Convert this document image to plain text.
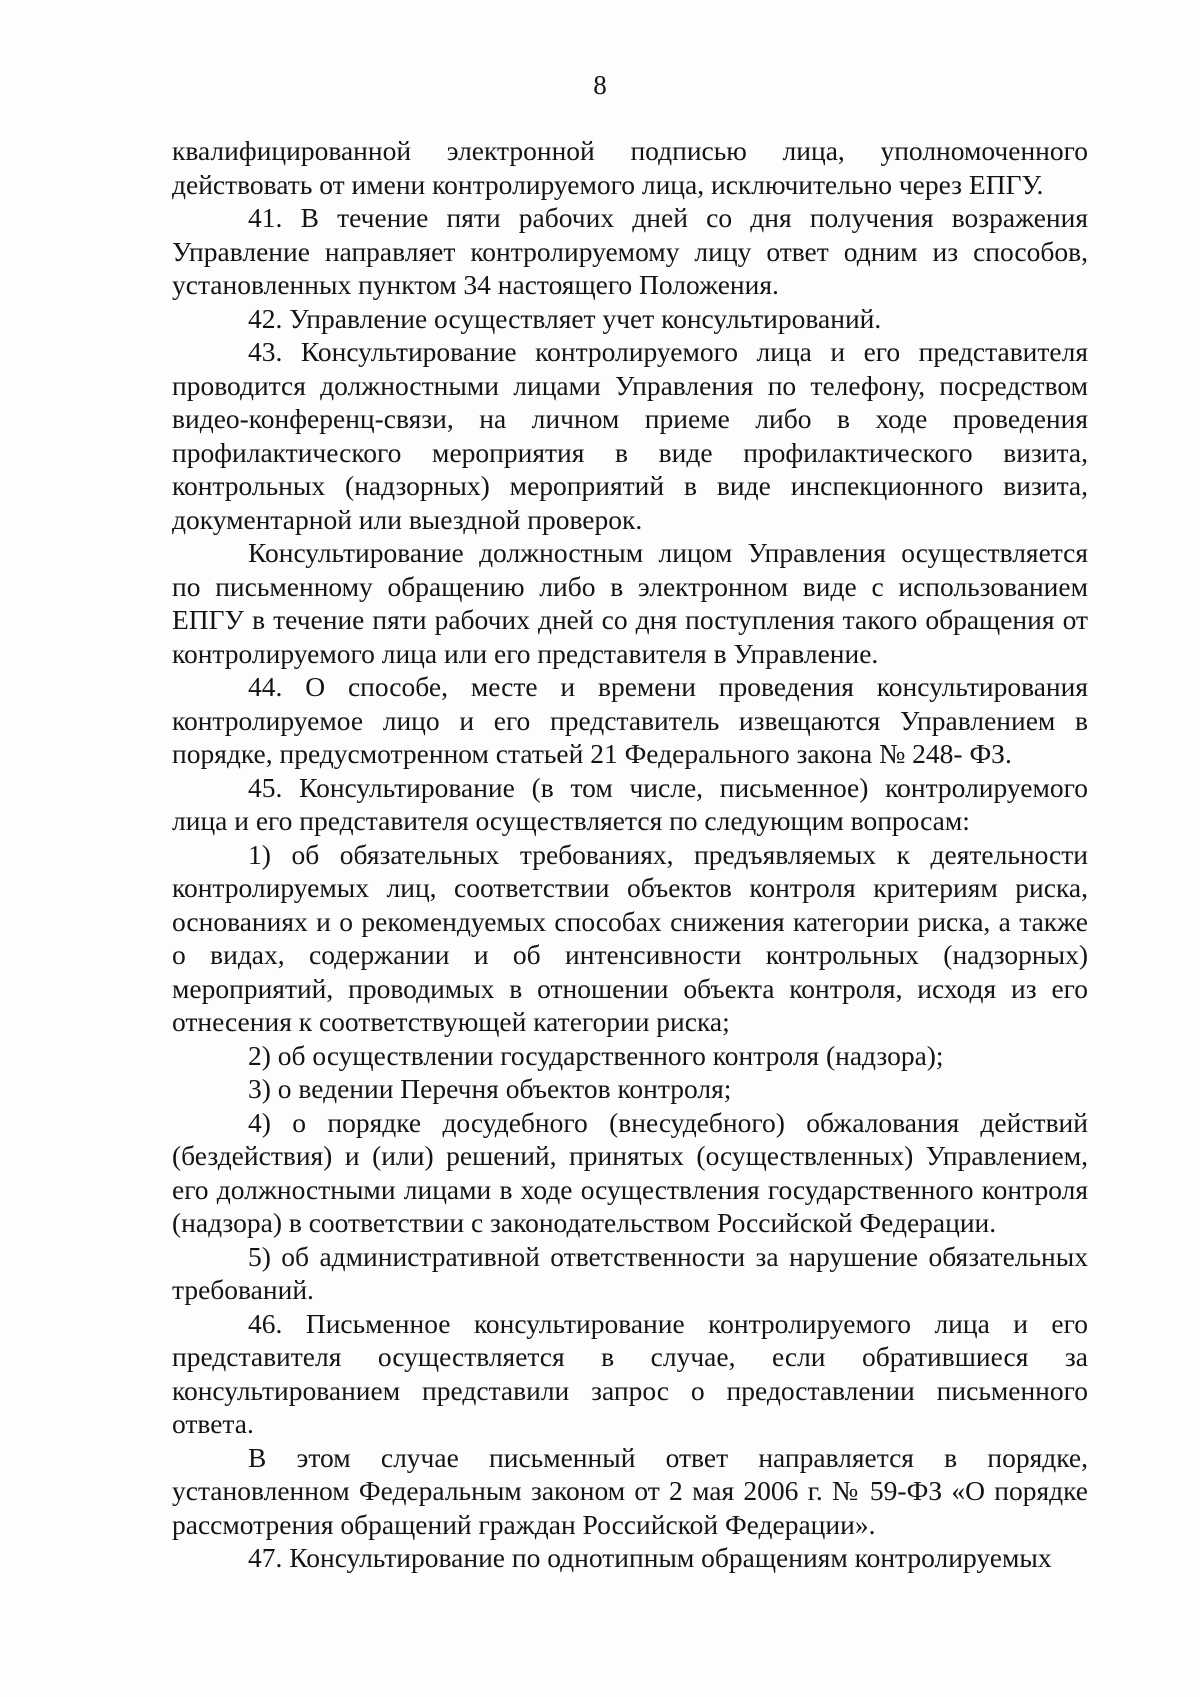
8

квалифицированной электронной подписью лица, уполномоченного действовать от имени контролируемого лица, исключительно через ЕПГУ.

41. В течение пяти рабочих дней со дня получения возражения Управление направляет контролируемому лицу ответ одним из способов, установленных пунктом 34 настоящего Положения.

42. Управление осуществляет учет консультирований.

43. Консультирование контролируемого лица и его представителя проводится должностными лицами Управления по телефону, посредством видео-конференц-связи, на личном приеме либо в ходе проведения профилактического мероприятия в виде профилактического визита, контрольных (надзорных) мероприятий в виде инспекционного визита, документарной или выездной проверок.

Консультирование должностным лицом Управления осуществляется по письменному обращению либо в электронном виде с использованием ЕПГУ в течение пяти рабочих дней со дня поступления такого обращения от контролируемого лица или его представителя в Управление.

44. О способе, месте и времени проведения консультирования контролируемое лицо и его представитель извещаются Управлением в порядке, предусмотренном статьей 21 Федерального закона № 248- ФЗ.

45. Консультирование (в том числе, письменное) контролируемого лица и его представителя осуществляется по следующим вопросам:

1) об обязательных требованиях, предъявляемых к деятельности контролируемых лиц, соответствии объектов контроля критериям риска, основаниях и о рекомендуемых способах снижения категории риска, а также о видах, содержании и об интенсивности контрольных (надзорных) мероприятий, проводимых в отношении объекта контроля, исходя из его отнесения к соответствующей категории риска;

2) об осуществлении государственного контроля (надзора);

3) о ведении Перечня объектов контроля;

4) о порядке досудебного (внесудебного) обжалования действий (бездействия) и (или) решений, принятых (осуществленных) Управлением, его должностными лицами в ходе осуществления государственного контроля (надзора) в соответствии с законодательством Российской Федерации.

5) об административной ответственности за нарушение обязательных требований.

46. Письменное консультирование контролируемого лица и его представителя осуществляется в случае, если обратившиеся за консультированием представили запрос о предоставлении письменного ответа.

В этом случае письменный ответ направляется в порядке, установленном Федеральным законом от 2 мая 2006 г. № 59-ФЗ «О порядке рассмотрения обращений граждан Российской Федерации».

47. Консультирование по однотипным обращениям контролируемых
